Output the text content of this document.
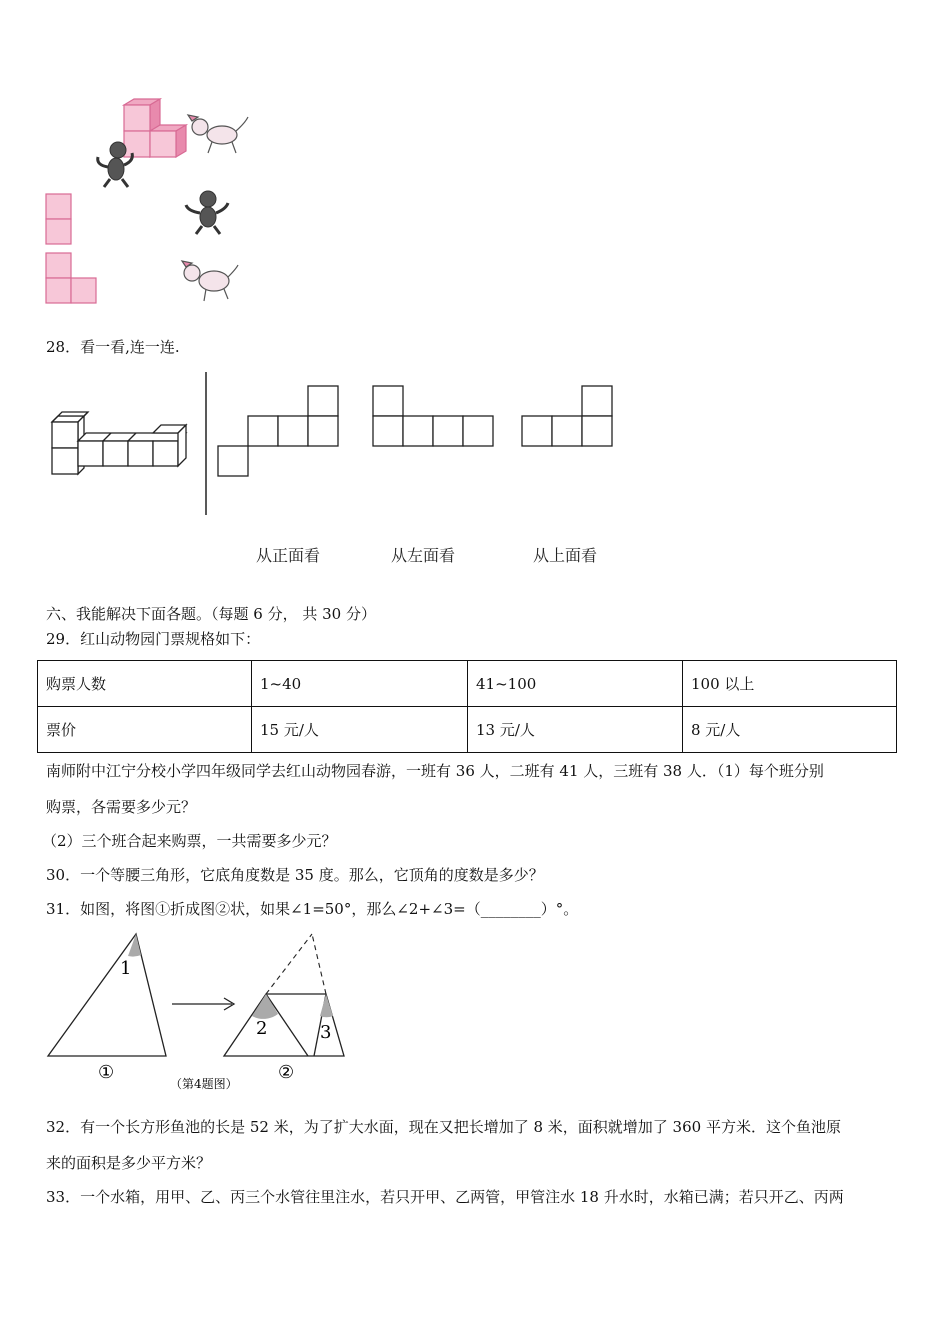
28．看一看,连一连.
从正面看	从左面看	从上面看
六、我能解决下面各题。（每题 6 分， 共 30 分）
29．红山动物园门票规格如下：
购票人数	1~40	41~100	100 以上
票价	15 元/人	13 元/人	8 元/人
南师附中江宁分校小学四年级同学去红山动物园春游，一班有 36 人，二班有 41 人，三班有 38 人．（1）每个班分别
购票，各需要多少元？
（2）三个班合起来购票，一共需要多少元？
30．一个等腰三角形，它底角度数是 35 度。那么，它顶角的度数是多少？
31．如图，将图①折成图②状，如果∠1=50°，那么∠2+∠3=（________）°。
1
2	3
①	②
（第4题图）
32．有一个长方形鱼池的长是 52 米，为了扩大水面，现在又把长增加了 8 米，面积就增加了 360 平方米．这个鱼池原
来的面积是多少平方米？
33．一个水箱，用甲、乙、丙三个水管往里注水，若只开甲、乙两管，甲管注水 18 升水时，水箱已满；若只开乙、丙两
